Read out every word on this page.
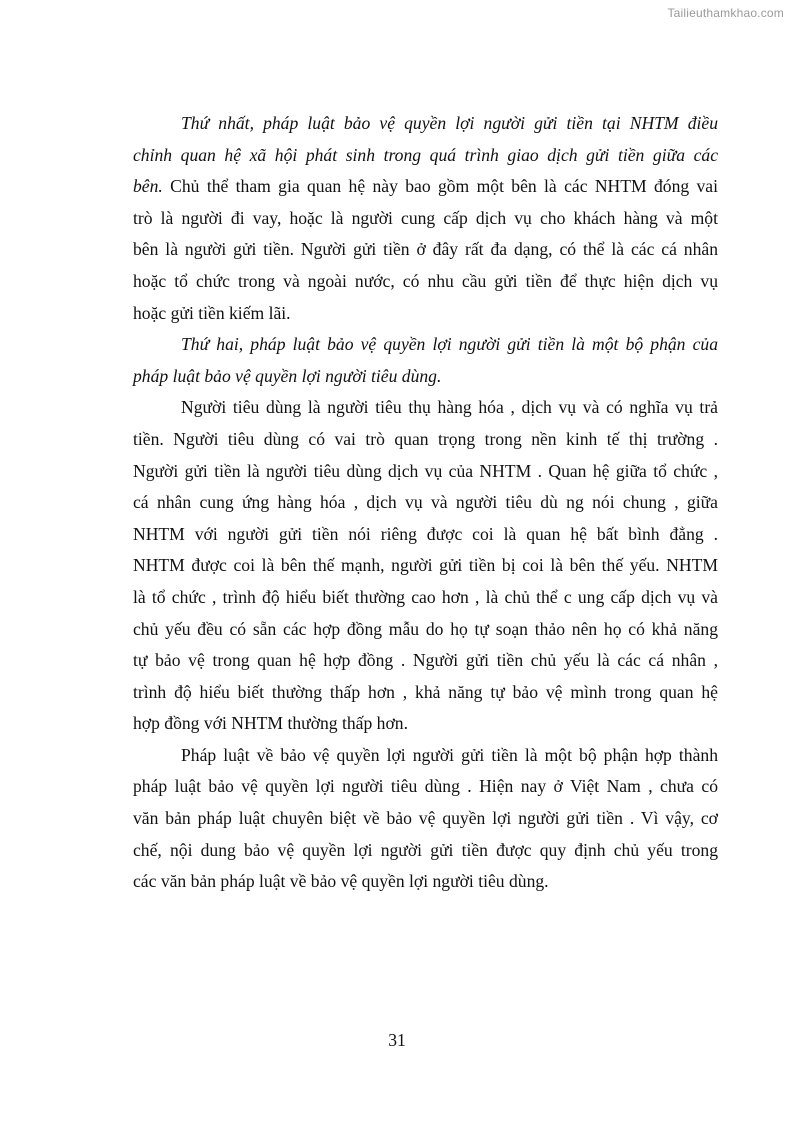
Tailieuthamkhao.com
Thứ nhất, pháp luật bảo vệ quyền lợi người gửi tiền tại NHTM điều
chỉnh quan hệ xã hội phát sinh trong quá trình giao dịch gửi tiền giữa các
bên. Chủ thể tham gia quan hệ này bao gồm một bên là các NHTM đóng vai
trò là người đi vay, hoặc là người cung cấp dịch vụ cho khách hàng và một
bên là người gửi tiền. Người gửi tiền ở đây rất đa dạng, có thể là các cá nhân
hoặc tổ chức trong và ngoài nước, có nhu cầu gửi tiền để thực hiện dịch vụ
hoặc gửi tiền kiếm lãi.
Thứ hai, pháp luật bảo vệ quyền lợi người gửi tiền là một bộ phận của
pháp luật bảo vệ quyền lợi người tiêu dùng.
Người tiêu dùng là người tiêu thụ hàng hóa , dịch vụ và có nghĩa vụ trả
tiền. Người tiêu dùng có vai trò quan trọng trong nền kinh tế thị trường .
Người gửi tiền là người tiêu dùng dịch vụ của NHTM . Quan hệ giữa tổ chức ,
cá nhân cung ứng hàng hóa , dịch vụ và người tiêu dù ng nói chung , giữa
NHTM với người gửi tiền nói riêng được coi là quan hệ bất bình đẳng .
NHTM được coi là bên thế mạnh, người gửi tiền bị coi là bên thế yếu. NHTM
là tổ chức , trình độ hiểu biết thường cao hơn , là chủ thể c ung cấp dịch vụ và
chủ yếu đều có sẵn các hợp đồng mẫu do họ tự soạn thảo nên họ có khả năng
tự bảo vệ trong quan hệ hợp đồng . Người gửi tiền chủ yếu là các cá nhân ,
trình độ hiểu biết thường thấp hơn , khả năng tự bảo vệ mình trong quan hệ
hợp đồng với NHTM thường thấp hơn.
Pháp luật về bảo vệ quyền lợi người gửi tiền là một bộ phận hợp thành
pháp luật bảo vệ quyền lợi người tiêu dùng . Hiện nay ở Việt Nam , chưa có
văn bản pháp luật chuyên biệt về bảo vệ quyền lợi người gửi tiền . Vì vậy, cơ
chế, nội dung bảo vệ quyền lợi người gửi tiền được quy định chủ yếu trong
các văn bản pháp luật về bảo vệ quyền lợi người tiêu dùng.
31
